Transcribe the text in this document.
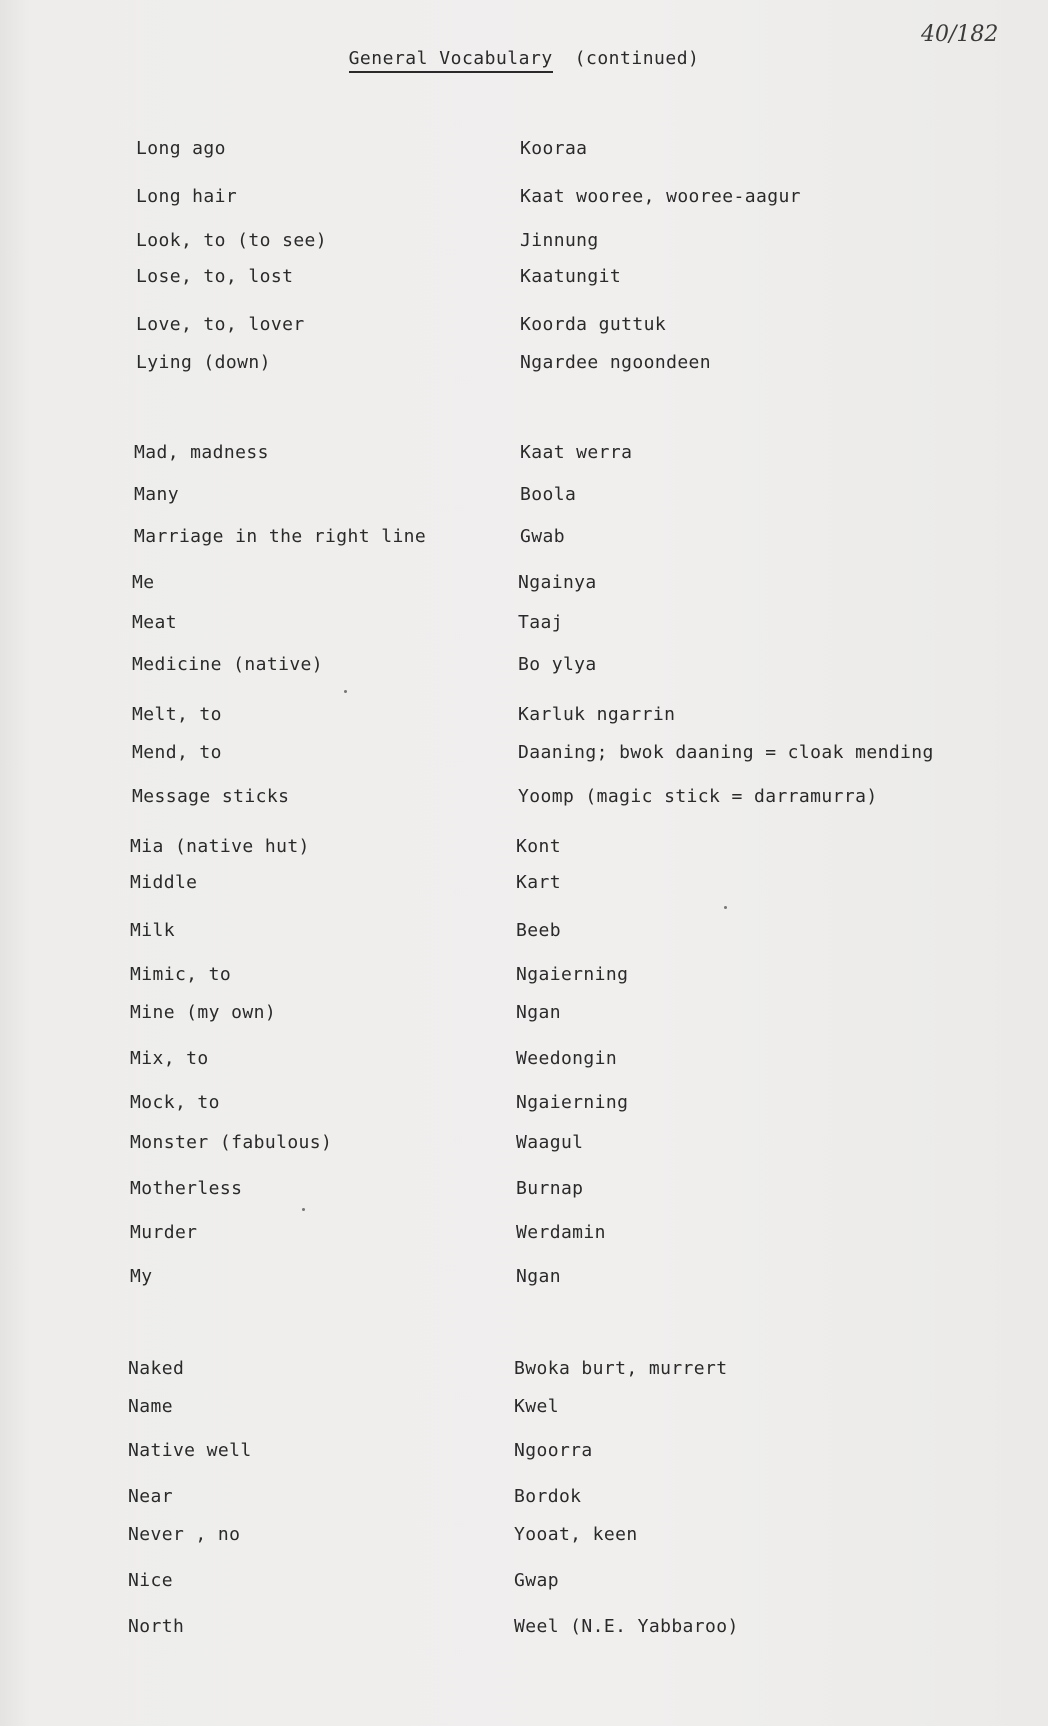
40/182
General Vocabulary (continued)
Long ago	Kooraa
Long hair	Kaat wooree, wooree-aagur
Look, to (to see)	Jinnung
Lose, to, lost	Kaatungit
Love, to, lover	Koorda guttuk
Lying (down)	Ngardee ngoondeen
Mad, madness	Kaat werra
Many	Boola
Marriage in the right line	Gwab
Me	Ngainya
Meat	Taaj
Medicine (native)	Bo ylya
Melt, to	Karluk ngarrin
Mend, to	Daaning; bwok daaning = cloak mending
Message sticks	Yoomp (magic stick = darramurra)
Mia (native hut)	Kont
Middle	Kart
Milk	Beeb
Mimic, to	Ngaierning
Mine (my own)	Ngan
Mix, to	Weedongin
Mock, to	Ngaierning
Monster (fabulous)	Waagul
Motherless	Burnap
Murder	Werdamin
My	Ngan
Naked	Bwoka burt, murrert
Name	Kwel
Native well	Ngoorra
Near	Bordok
Never , no	Yooat, keen
Nice	Gwap
North	Weel (N.E. Yabbaroo)
